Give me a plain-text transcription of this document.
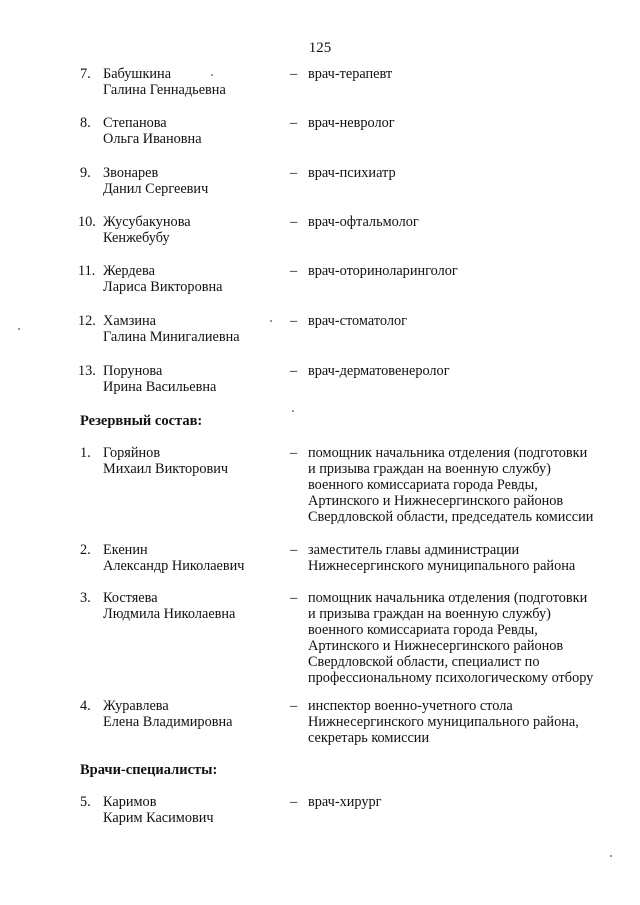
125
7. Бабушкина
Галина Геннадьевна
– врач-терапевт
8. Степанова
Ольга Ивановна
– врач-невролог
9. Звонарев
Данил Сергеевич
– врач-психиатр
10. Жусубакунова
Кенжебубу
– врач-офтальмолог
11. Жердева
Лариса Викторовна
– врач-оториноларинголог
12. Хамзина
Галина Минигалиевна
– врач-стоматолог
13. Порунова
Ирина Васильевна
– врач-дерматовенеролог
Резервный состав:
1. Горяйнов
Михаил Викторович
– помощник начальника отделения (подготовки
и призыва граждан на военную службу)
военного комиссариата города Ревды,
Артинского и Нижнесергинского районов
Свердловской области, председатель комиссии
2. Екенин
Александр Николаевич
– заместитель главы администрации
Нижнесергинского муниципального района
3. Костяева
Людмила Николаевна
– помощник начальника отделения (подготовки
и призыва граждан на военную службу)
военного комиссариата города Ревды,
Артинского и Нижнесергинского районов
Свердловской области, специалист по
профессиональному психологическому отбору
4. Журавлева
Елена Владимировна
– инспектор военно-учетного стола
Нижнесергинского муниципального района,
секретарь комиссии
Врачи-специалисты:
5. Каримов
Карим Касимович
– врач-хирург
